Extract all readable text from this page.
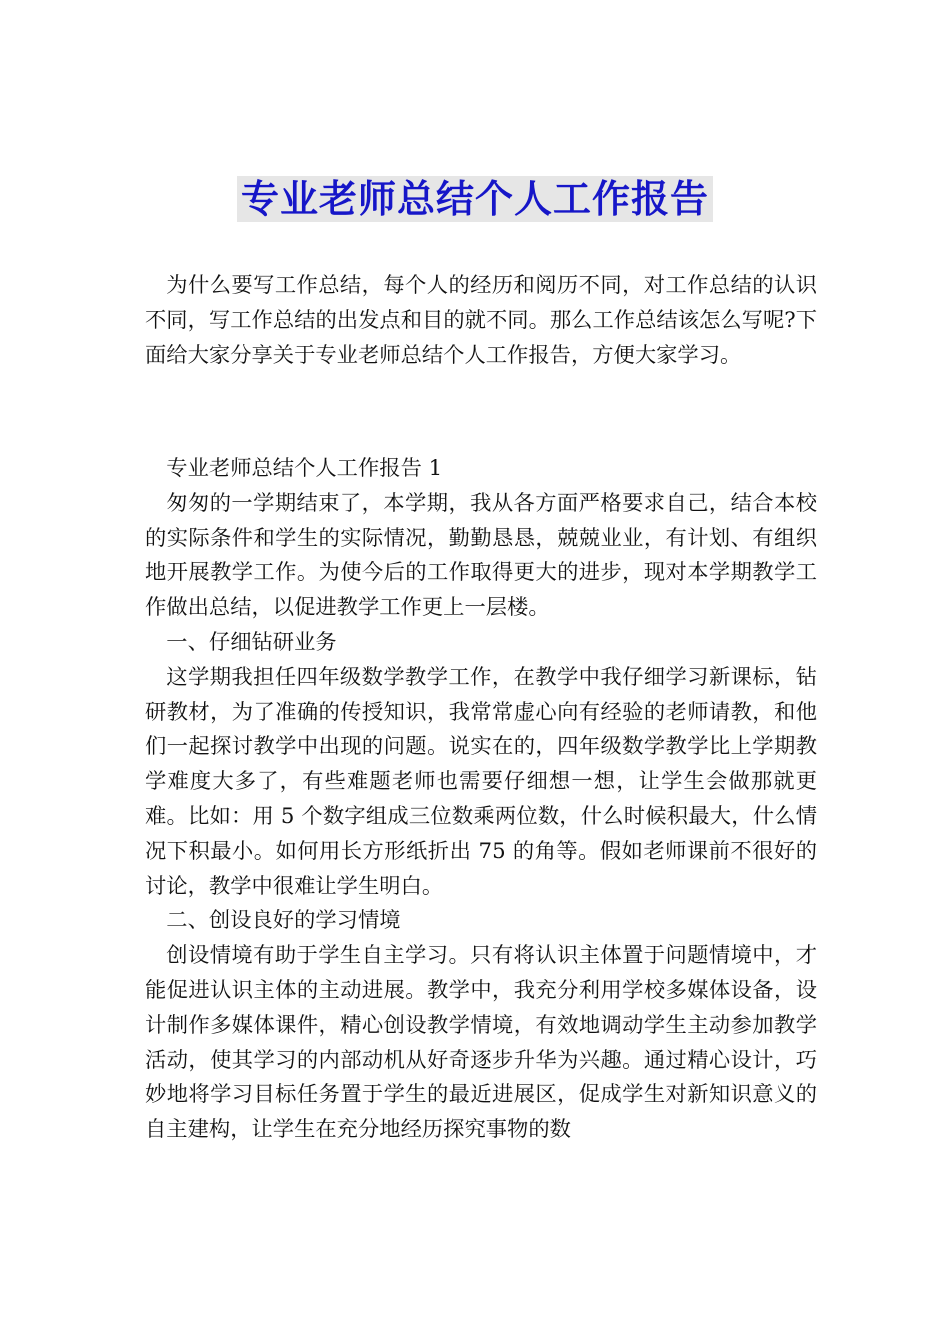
专业老师总结个人工作报告

为什么要写工作总结，每个人的经历和阅历不同，对工作总结的认识不同，写工作总结的出发点和目的就不同。那么工作总结该怎么写呢?下面给大家分享关于专业老师总结个人工作报告，方便大家学习。

专业老师总结个人工作报告 1

匆匆的一学期结束了，本学期，我从各方面严格要求自己，结合本校的实际条件和学生的实际情况，勤勤恳恳，兢兢业业，有计划、有组织地开展教学工作。为使今后的工作取得更大的进步，现对本学期教学工作做出总结，以促进教学工作更上一层楼。

一、仔细钻研业务

这学期我担任四年级数学教学工作，在教学中我仔细学习新课标，钻研教材，为了准确的传授知识，我常常虚心向有经验的老师请教，和他们一起探讨教学中出现的问题。说实在的，四年级数学教学比上学期教学难度大多了，有些难题老师也需要仔细想一想，让学生会做那就更难。比如：用 5 个数字组成三位数乘两位数，什么时候积最大，什么情况下积最小。如何用长方形纸折出 75 的角等。假如老师课前不很好的讨论，教学中很难让学生明白。

二、创设良好的学习情境

创设情境有助于学生自主学习。只有将认识主体置于问题情境中，才能促进认识主体的主动进展。教学中，我充分利用学校多媒体设备，设计制作多媒体课件，精心创设教学情境，有效地调动学生主动参加教学活动，使其学习的内部动机从好奇逐步升华为兴趣。通过精心设计，巧妙地将学习目标任务置于学生的最近进展区，促成学生对新知识意义的自主建构，让学生在充分地经历探究事物的数
